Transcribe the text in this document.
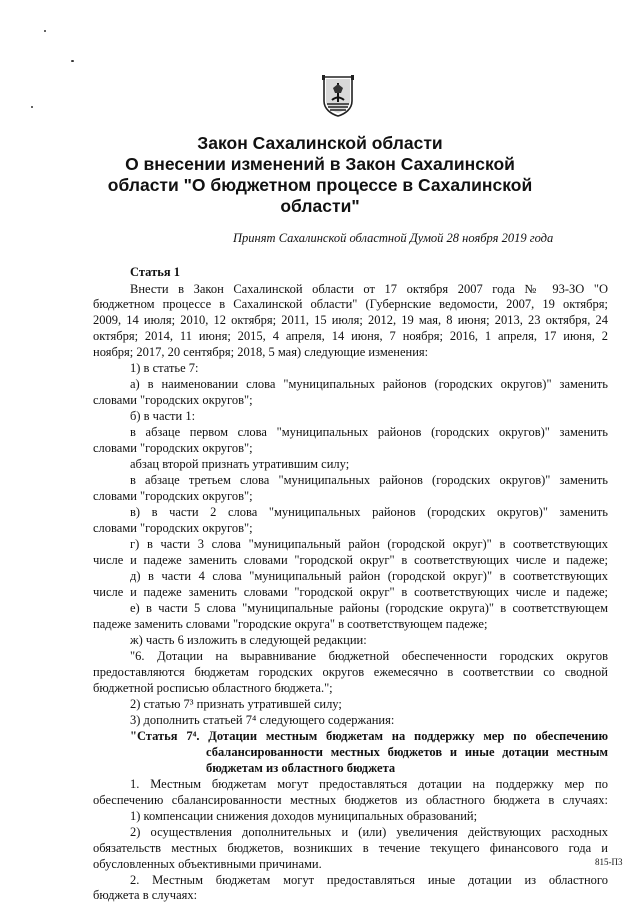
Закон Сахалинской области
О внесении изменений в Закон Сахалинской
области "О бюджетном процессе в Сахалинской
области"
Принят Сахалинской областной Думой 28 ноября 2019 года
Статья 1
Внести в Закон Сахалинской области от 17 октября 2007 года № 93-ЗО "О
бюджетном процессе в Сахалинской области" (Губернские ведомости, 2007, 19 октября;
2009, 14 июля; 2010, 12 октября; 2011, 15 июля; 2012, 19 мая, 8 июня; 2013, 23 октября, 24
октября; 2014, 11 июня; 2015, 4 апреля, 14 июня, 7 ноября; 2016, 1 апреля, 17 июня, 2
ноября; 2017, 20 сентября; 2018, 5 мая) следующие изменения:
1) в статье 7:
а) в наименовании слова "муниципальных районов (городских округов)" заменить
словами "городских округов";
б) в части 1:
в абзаце первом слова "муниципальных районов (городских округов)" заменить
словами "городских округов";
абзац второй признать утратившим силу;
в абзаце третьем слова "муниципальных районов (городских округов)" заменить
словами "городских округов";
в) в части 2 слова "муниципальных районов (городских округов)" заменить
словами "городских округов";
г) в части 3 слова "муниципальный район (городской округ)" в соответствующих
числе и падеже заменить словами "городской округ" в соответствующих числе и падеже;
д) в части 4 слова "муниципальный район (городской округ)" в соответствующих
числе и падеже заменить словами "городской округ" в соответствующих числе и падеже;
е) в части 5 слова "муниципальные районы (городские округа)" в соответствующем
падеже заменить словами "городские округа" в соответствующем падеже;
ж) часть 6 изложить в следующей редакции:
"6. Дотации на выравнивание бюджетной обеспеченности городских округов
предоставляются бюджетам городских округов ежемесячно в соответствии со сводной
бюджетной росписью областного бюджета.";
2) статью 7³ признать утратившей силу;
3) дополнить статьей 7⁴ следующего содержания:
"Статья 7⁴. Дотации местным бюджетам на поддержку мер по обеспечению
сбалансированности местных бюджетов и иные дотации местным
бюджетам из областного бюджета
1. Местным бюджетам могут предоставляться дотации на поддержку мер по
обеспечению сбалансированности местных бюджетов из областного бюджета в случаях:
1) компенсации снижения доходов муниципальных образований;
2) осуществления дополнительных и (или) увеличения действующих расходных
обязательств местных бюджетов, возникших в течение текущего финансового года и
обусловленных объективными причинами.
2. Местным бюджетам могут предоставляться иные дотации из областного
бюджета в случаях:
815-П3
